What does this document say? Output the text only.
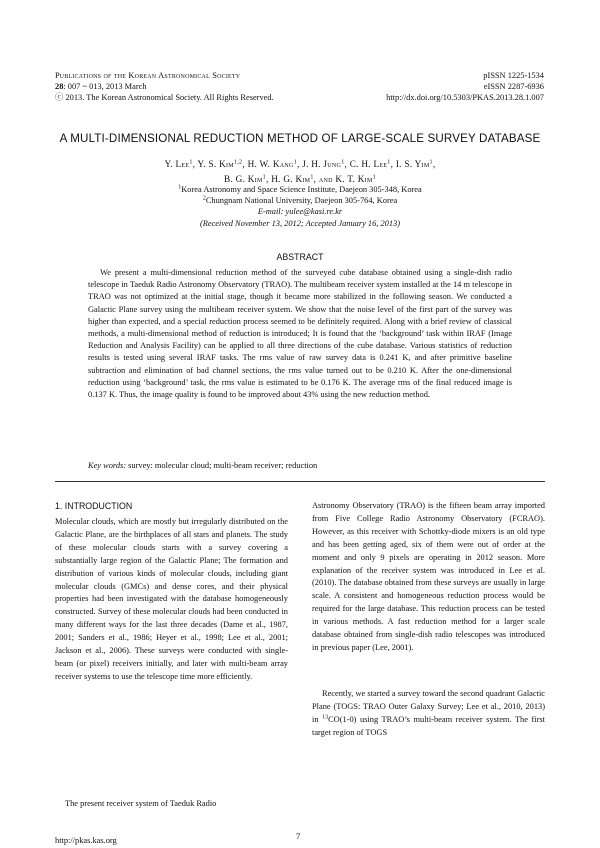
Publications of the Korean Astronomical Society
28: 007 ~ 013, 2013 March
ⓒ 2013. The Korean Astronomical Society. All Rights Reserved.
pISSN 1225-1534
eISSN 2287-6936
http://dx.doi.org/10.5303/PKAS.2013.28.1.007
A MULTI-DIMENSIONAL REDUCTION METHOD OF LARGE-SCALE SURVEY DATABASE
Y. Lee$^1$, Y. S. Kim$^{1,2}$, H. W. Kang$^1$, J. H. Jung$^1$, C. H. Lee$^1$, I. S. Yim$^1$,
B. G. Kim$^1$, H. G. Kim$^1$, and K. T. Kim$^1$
$^1$Korea Astronomy and Space Science Institute, Daejeon 305-348, Korea
$^2$Chungnam National University, Daejeon 305-764, Korea
E-mail: yulee@kasi.re.kr
(Received November 13, 2012; Accepted January 16, 2013)
ABSTRACT

We present a multi-dimensional reduction method of the surveyed cube database obtained using a single-dish radio telescope in Taeduk Radio Astronomy Observatory (TRAO). The multibeam receiver system installed at the 14 m telescope in TRAO was not optimized at the initial stage, though it became more stabilized in the following season. We conducted a Galactic Plane survey using the multibeam receiver system. We show that the noise level of the first part of the survey was higher than expected, and a special reduction process seemed to be definitely required. Along with a brief review of classical methods, a multi-dimensional method of reduction is introduced; It is found that the ‘background’ task within IRAF (Image Reduction and Analysis Facility) can be applied to all three directions of the cube database. Various statistics of reduction results is tested using several IRAF tasks. The rms value of raw survey data is 0.241 K, and after primitive baseline subtraction and elimination of bad channel sections, the rms value turned out to be 0.210 K. After the one-dimensional reduction using ‘background’ task, the rms value is estimated to be 0.176 K. The average rms of the final reduced image is 0.137 K. Thus, the image quality is found to be improved about 43% using the new reduction method.

Key words: survey: molecular cloud; multi-beam receiver; reduction
1. INTRODUCTION

Molecular clouds, which are mostly but irregularly distributed on the Galactic Plane, are the birthplaces of all stars and planets. The study of these molecular clouds starts with a survey covering a substantially large region of the Galactic Plane; The formation and distribution of various kinds of molecular clouds, including giant molecular clouds (GMCs) and dense cores, and their physical properties had been investigated with the database homogeneously constructed. Survey of these molecular clouds had been conducted in many different ways for the last three decades (Dame et al., 1987, 2001; Sanders et al., 1986; Heyer et al., 1998; Lee et al., 2001; Jackson et al., 2006). These surveys were conducted with single-beam (or pixel) receivers initially, and later with multi-beam array receiver systems to use the telescope time more efficiently.

The present receiver system of Taeduk Radio

Astronomy Observatory (TRAO) is the fifteen beam array imported from Five College Radio Astronomy Observatory (FCRAO). However, as this receiver with Schottky-diode mixers is an old type and has been getting aged, six of them were out of order at the moment and only 9 pixels are operating in 2012 season. More explanation of the receiver system was introduced in Lee et al. (2010). The database obtained from these surveys are usually in large scale. A consistent and homogeneous reduction process would be required for the large database. This reduction process can be tested in various methods. A fast reduction method for a larger scale database obtained from single-dish radio telescopes was introduced in previous paper (Lee, 2001).

Recently, we started a survey toward the second quadrant Galactic Plane (TOGS: TRAO Outer Galaxy Survey; Lee et al., 2010, 2013) in $^{13}$CO(1-0) using TRAO’s multi-beam receiver system. The first target region of TOGS

http://pkas.kas.org	7
